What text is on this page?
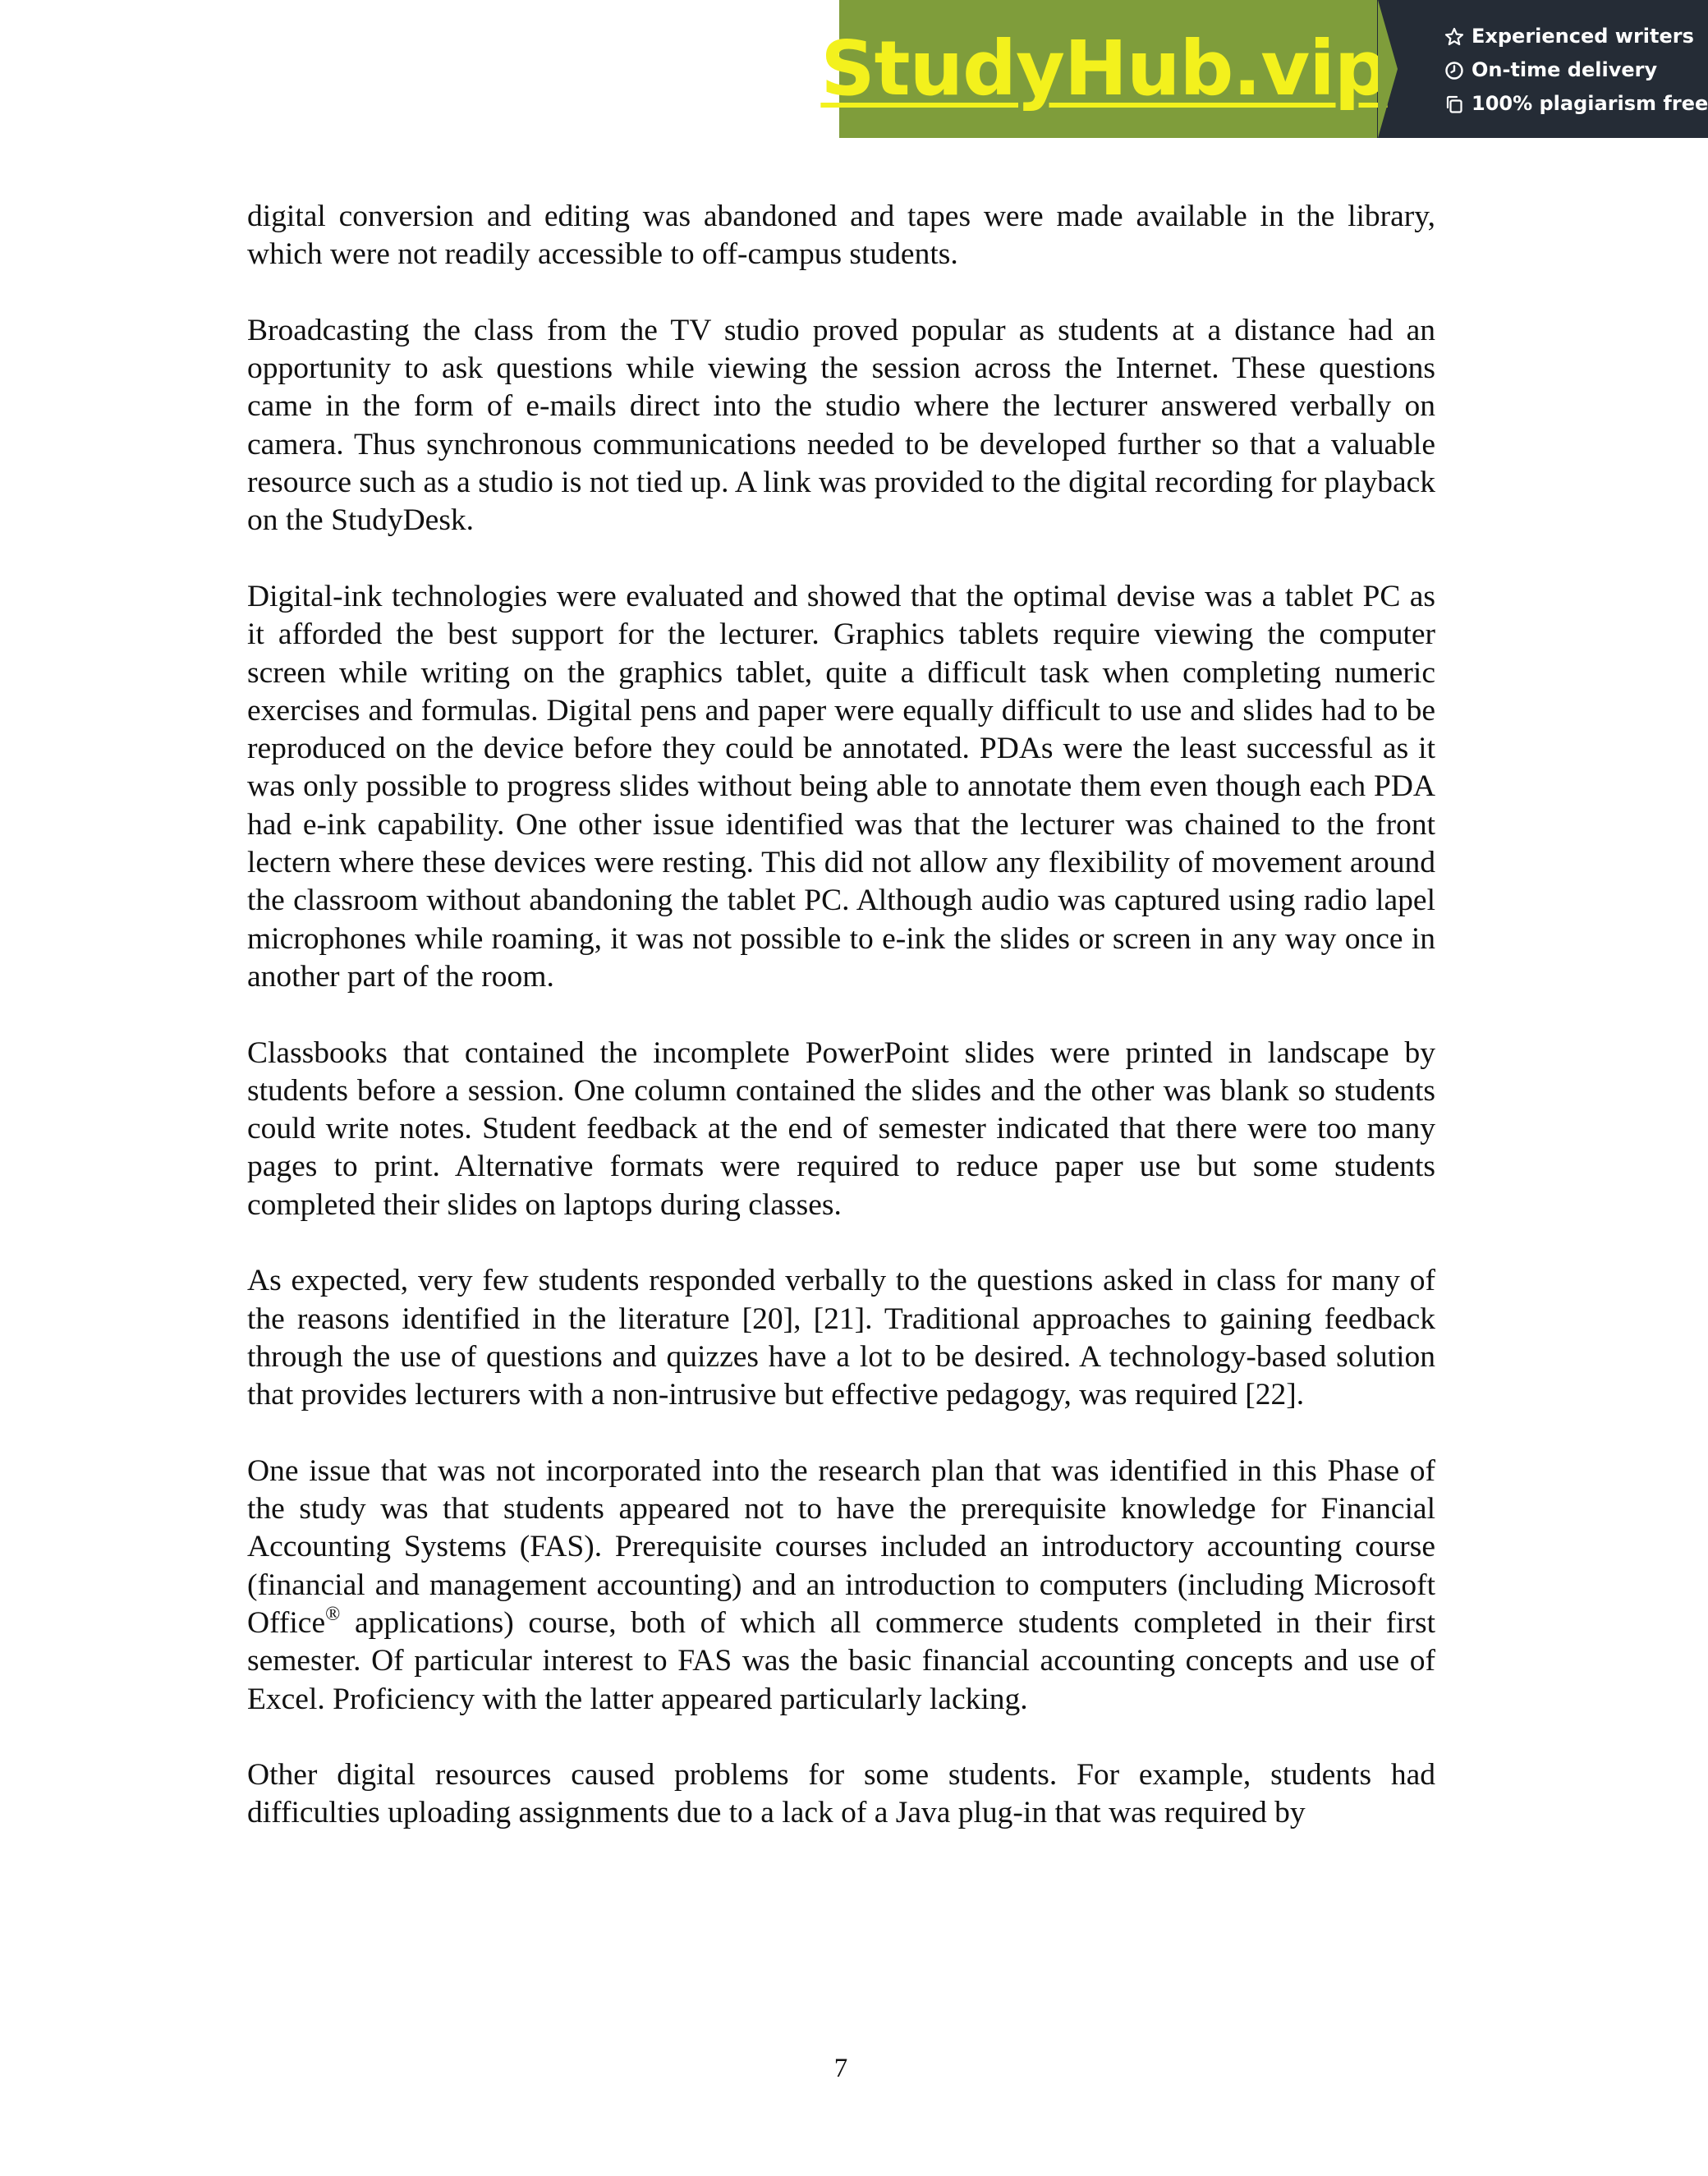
StudyHub.vip	Experienced writers
On-time delivery
100% plagiarism free

digital conversion and editing was abandoned and tapes were made available in the library, which were not readily accessible to off-campus students.

Broadcasting the class from the TV studio proved popular as students at a distance had an opportunity to ask questions while viewing the session across the Internet. These questions came in the form of e-mails direct into the studio where the lecturer answered verbally on camera. Thus synchronous communications needed to be developed further so that a valuable resource such as a studio is not tied up. A link was provided to the digital recording for playback on the StudyDesk.

Digital-ink technologies were evaluated and showed that the optimal devise was a tablet PC as it afforded the best support for the lecturer. Graphics tablets require viewing the computer screen while writing on the graphics tablet, quite a difficult task when completing numeric exercises and formulas. Digital pens and paper were equally difficult to use and slides had to be reproduced on the device before they could be annotated. PDAs were the least successful as it was only possible to progress slides without being able to annotate them even though each PDA had e-ink capability. One other issue identified was that the lecturer was chained to the front lectern where these devices were resting. This did not allow any flexibility of movement around the classroom without abandoning the tablet PC. Although audio was captured using radio lapel microphones while roaming, it was not possible to e-ink the slides or screen in any way once in another part of the room.

Classbooks that contained the incomplete PowerPoint slides were printed in landscape by students before a session. One column contained the slides and the other was blank so students could write notes. Student feedback at the end of semester indicated that there were too many pages to print. Alternative formats were required to reduce paper use but some students completed their slides on laptops during classes.

As expected, very few students responded verbally to the questions asked in class for many of the reasons identified in the literature [20], [21]. Traditional approaches to gaining feedback through the use of questions and quizzes have a lot to be desired. A technology-based solution that provides lecturers with a non-intrusive but effective pedagogy, was required [22].

One issue that was not incorporated into the research plan that was identified in this Phase of the study was that students appeared not to have the prerequisite knowledge for Financial Accounting Systems (FAS). Prerequisite courses included an introductory accounting course (financial and management accounting) and an introduction to computers (including Microsoft Office® applications) course, both of which all commerce students completed in their first semester. Of particular interest to FAS was the basic financial accounting concepts and use of Excel. Proficiency with the latter appeared particularly lacking.

Other digital resources caused problems for some students. For example, students had difficulties uploading assignments due to a lack of a Java plug-in that was required by

7
